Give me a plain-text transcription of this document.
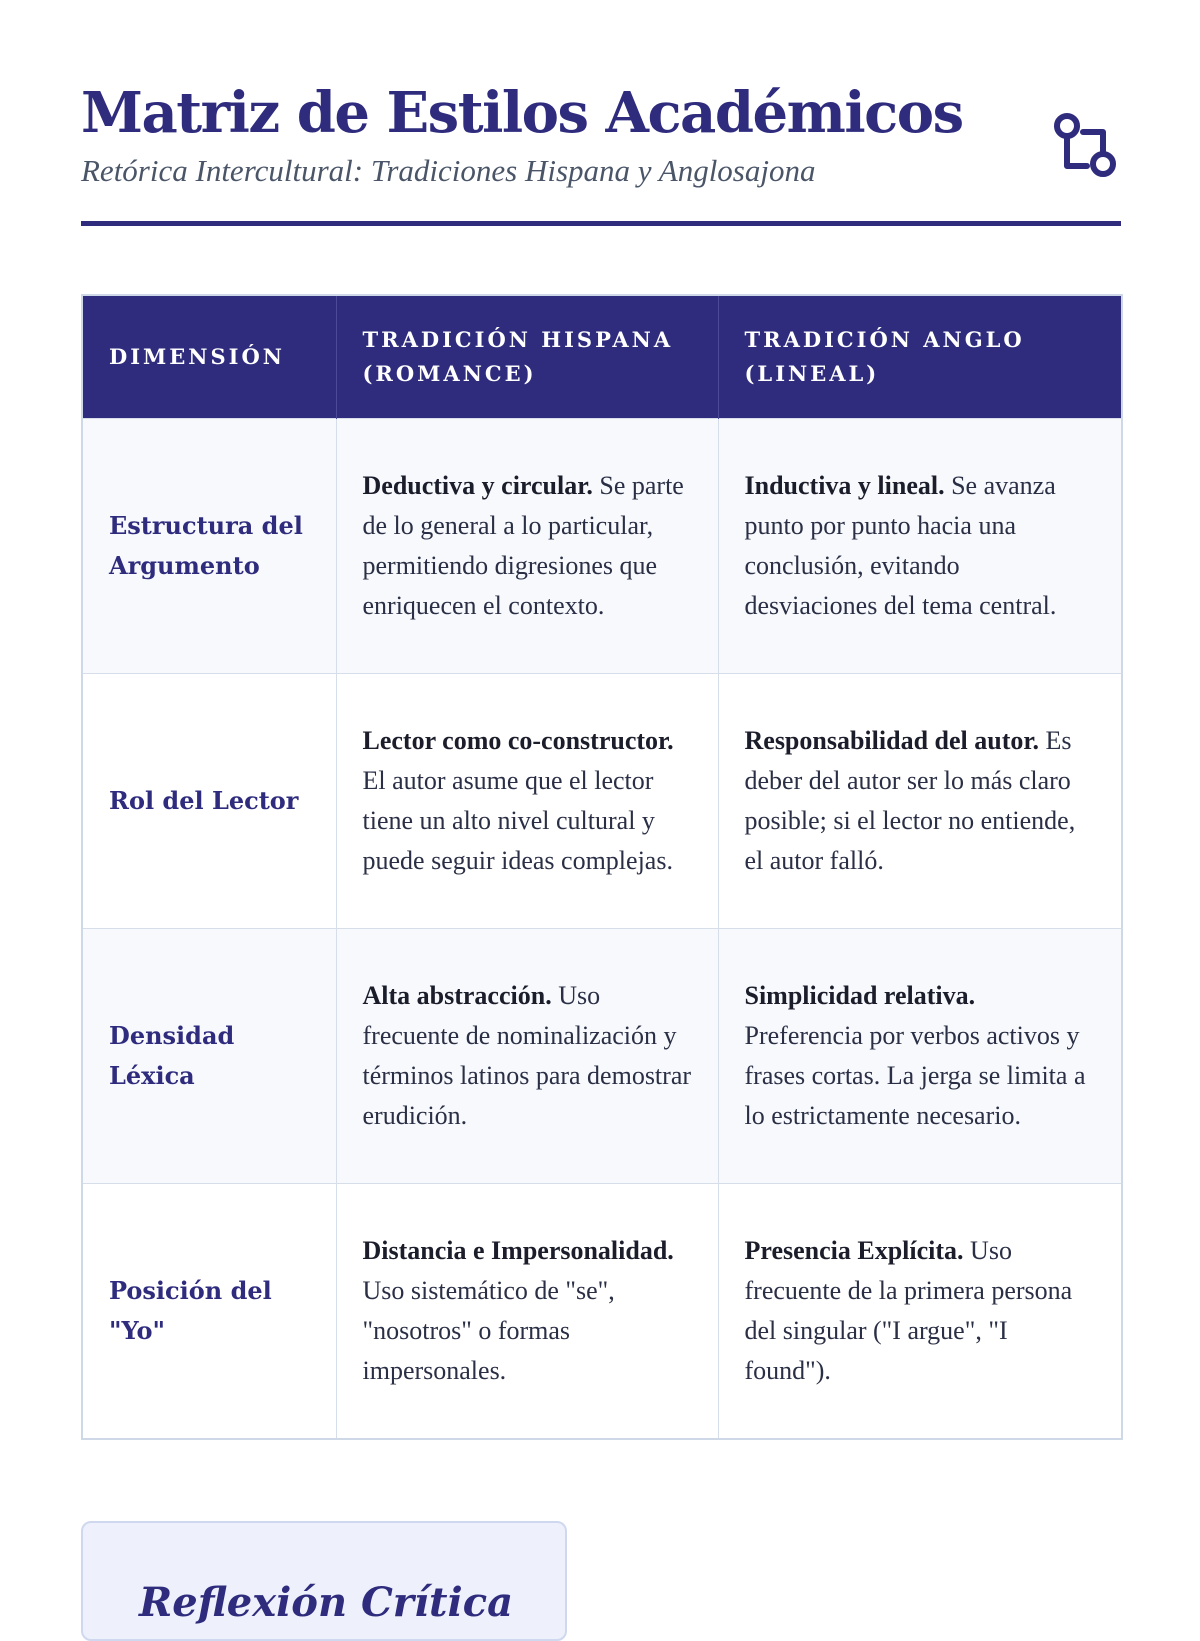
Matriz de Estilos Académicos

Retórica Intercultural: Tradiciones Hispana y Anglosajona

DIMENSIÓN	TRADICIÓN HISPANA (ROMANCE)	TRADICIÓN ANGLO (LINEAL)
Estructura del Argumento	Deductiva y circular. Se parte de lo general a lo particular, permitiendo digresiones que enriquecen el contexto.	Inductiva y lineal. Se avanza punto por punto hacia una conclusión, evitando desviaciones del tema central.
Rol del Lector	Lector como co-constructor. El autor asume que el lector tiene un alto nivel cultural y puede seguir ideas complejas.	Responsabilidad del autor. Es deber del autor ser lo más claro posible; si el lector no entiende, el autor falló.
Densidad Léxica	Alta abstracción. Uso frecuente de nominalización y términos latinos para demostrar erudición.	Simplicidad relativa. Preferencia por verbos activos y frases cortas. La jerga se limita a lo estrictamente necesario.
Posición del "Yo"	Distancia e Impersonalidad. Uso sistemático de "se", "nosotros" o formas impersonales.	Presencia Explícita. Uso frecuente de la primera persona del singular ("I argue", "I found").
Reflexión Crítica
